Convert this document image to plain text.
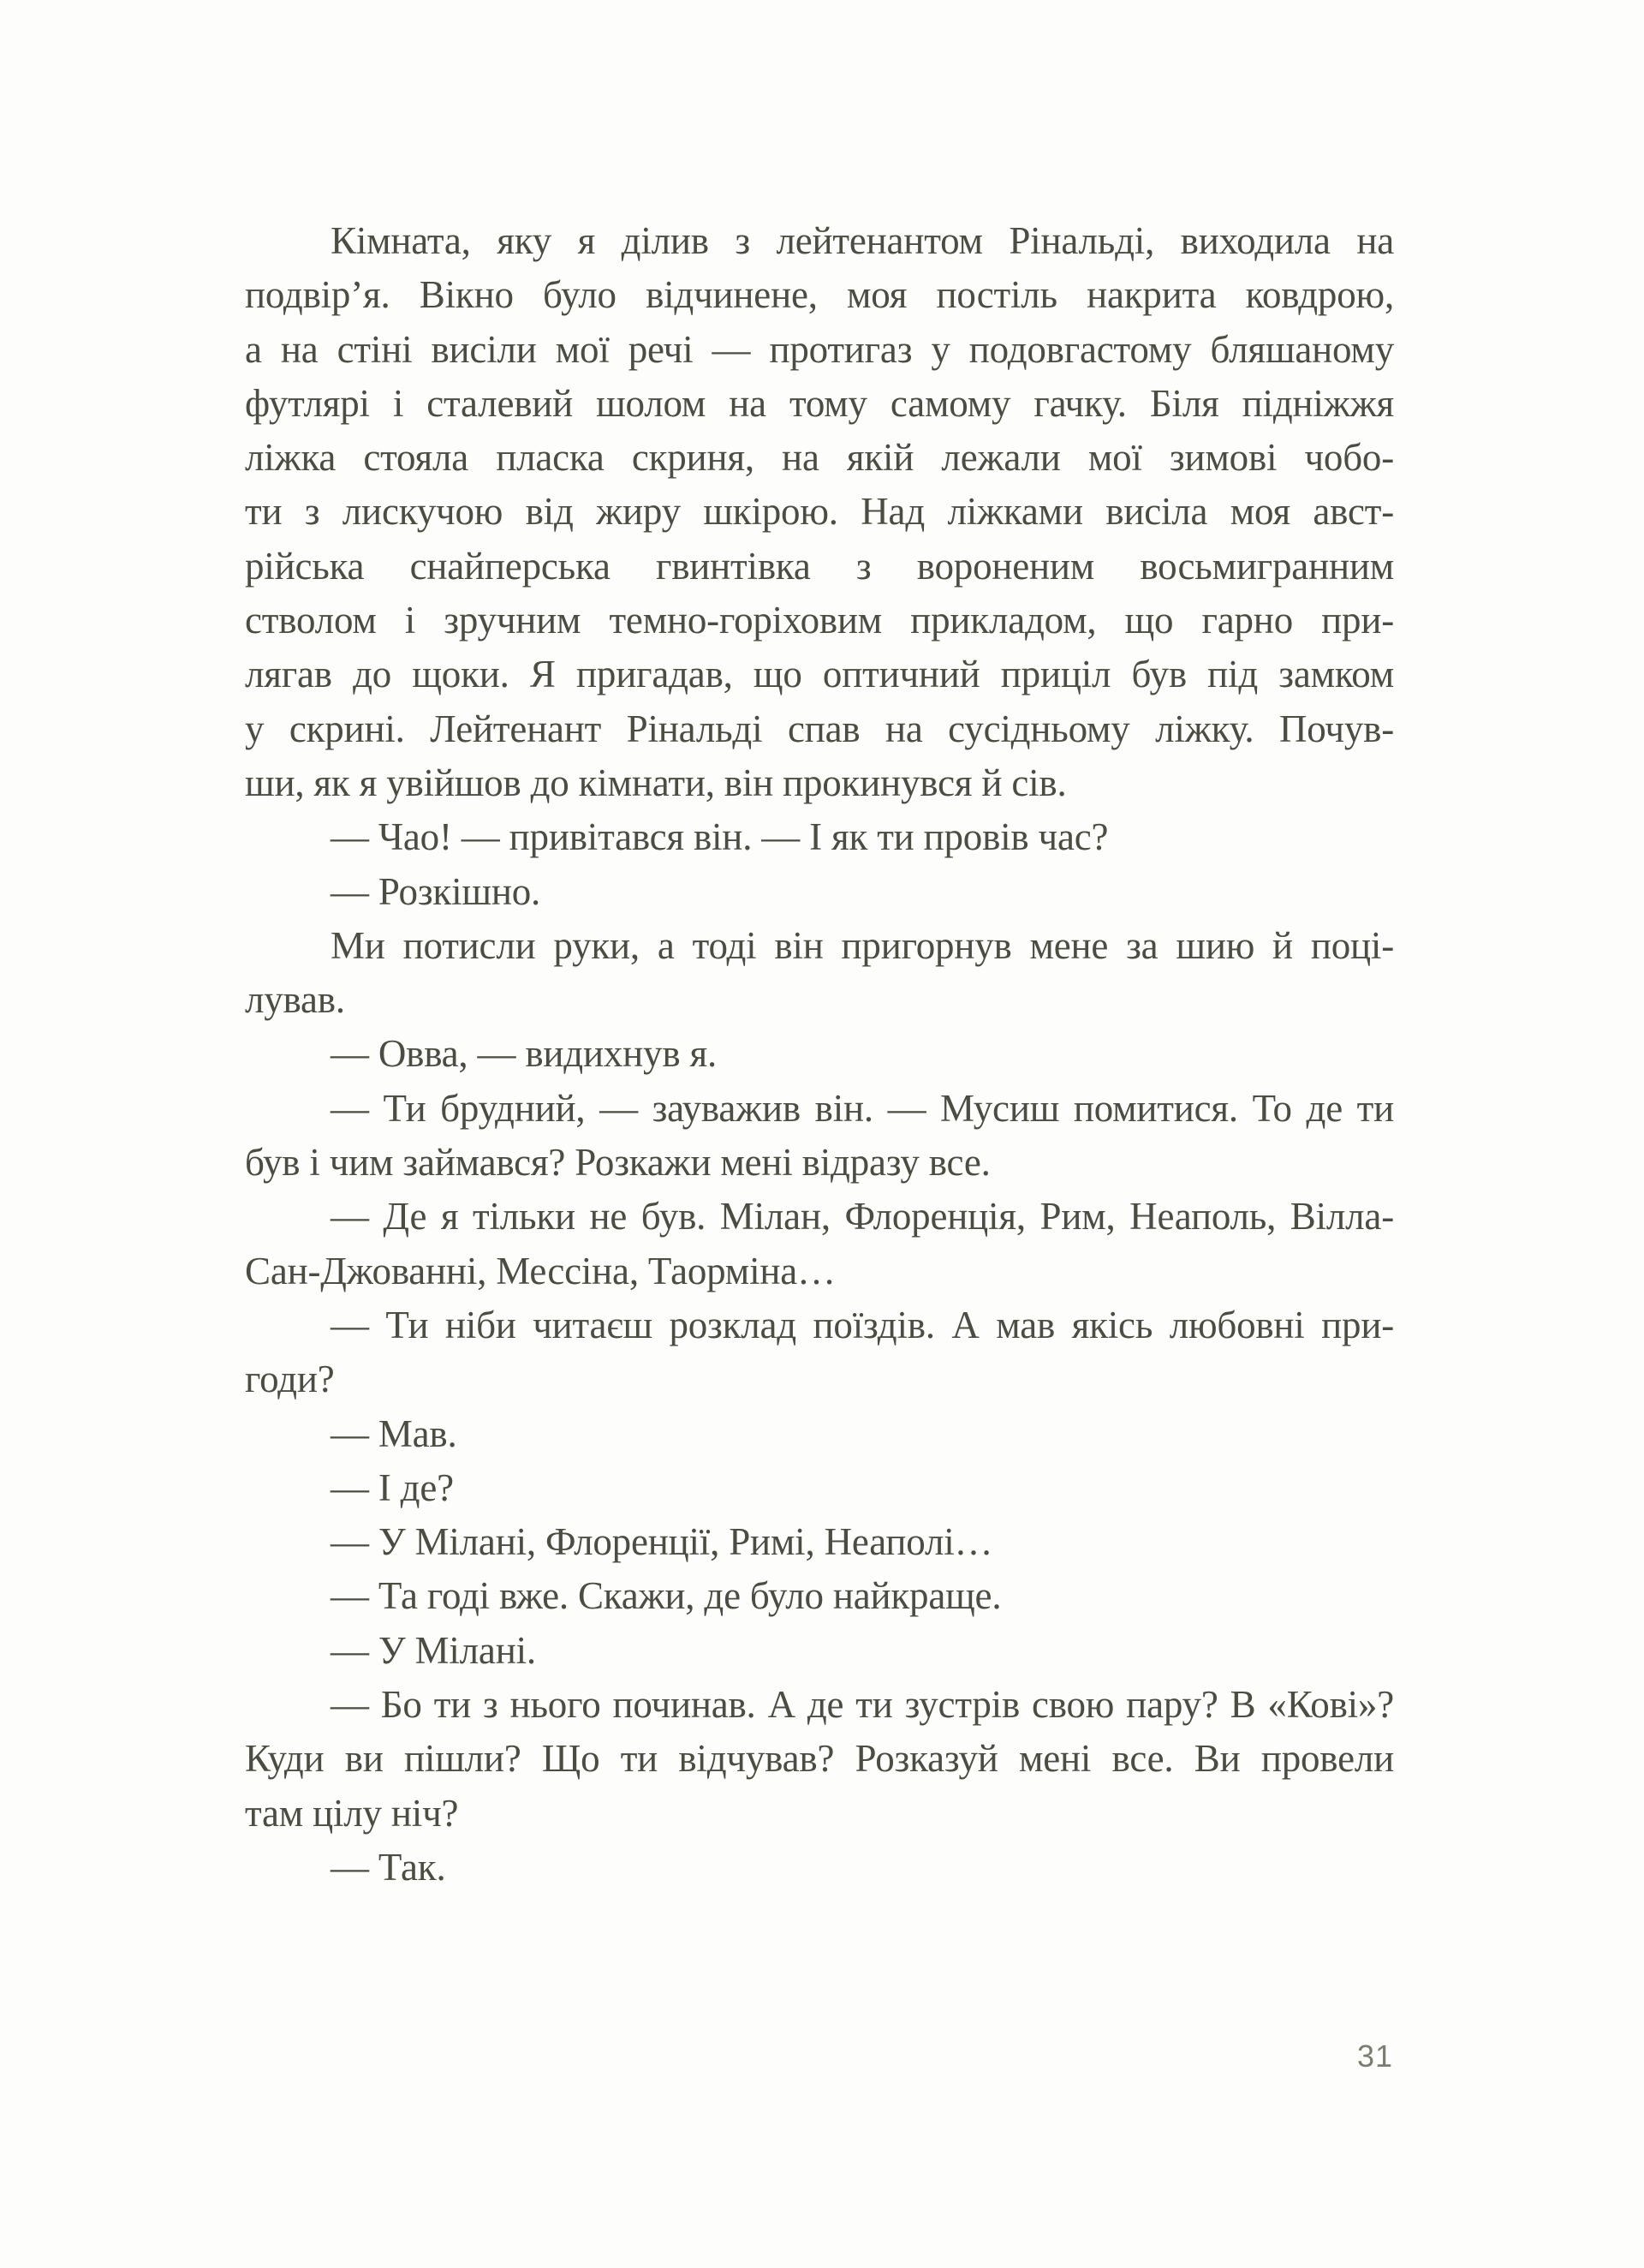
Кімната, яку я ділив з лейтенантом Рінальді, виходила на
подвір’я. Вікно було відчинене, моя постіль накрита ковдрою,
а на стіні висіли мої речі — протигаз у подовгастому бляшаному
футлярі і сталевий шолом на тому самому гачку. Біля підніжжя
ліжка стояла пласка скриня, на якій лежали мої зимові чобо-
ти з лискучою від жиру шкірою. Над ліжками висіла моя авст-
рійська снайперська гвинтівка з вороненим восьмигранним
стволом і зручним темно-горіховим прикладом, що гарно при-
лягав до щоки. Я пригадав, що оптичний приціл був під замком
у скрині. Лейтенант Рінальді спав на сусідньому ліжку. Почув-
ши, як я увійшов до кімнати, він прокинувся й сів.
— Чао! — привітався він. — І як ти провів час?
— Розкішно.
Ми потисли руки, а тоді він пригорнув мене за шию й поці-
лував.
— Овва, — видихнув я.
— Ти брудний, — зауважив він. — Мусиш помитися. То де ти
був і чим займався? Розкажи мені відразу все.
— Де я тільки не був. Мілан, Флоренція, Рим, Неаполь, Вілла-
Сан-Джованні, Мессіна, Таорміна…
— Ти ніби читаєш розклад поїздів. А мав якісь любовні при-
годи?
— Мав.
— І де?
— У Мілані, Флоренції, Римі, Неаполі…
— Та годі вже. Скажи, де було найкраще.
— У Мілані.
— Бо ти з нього починав. А де ти зустрів свою пару? В «Кові»?
Куди ви пішли? Що ти відчував? Розказуй мені все. Ви провели
там цілу ніч?
— Так.
31
